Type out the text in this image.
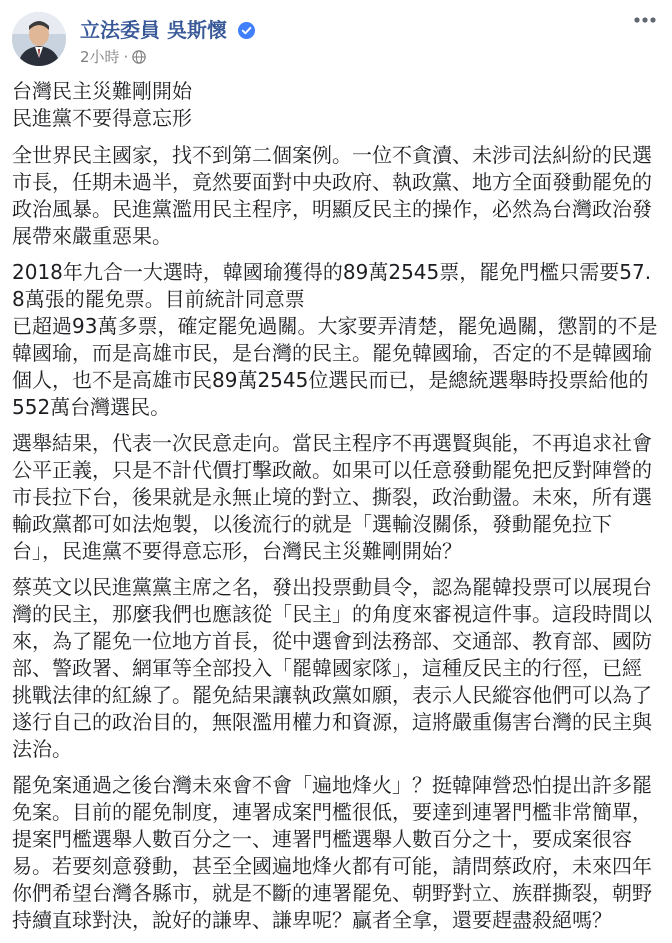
立法委員 吳斯懷
2小時 ·

台灣民主災難剛開始

民進黨不要得意忘形

全世界民主國家，找不到第二個案例。一位不貪瀆、未涉司法糾紛的民選市長，任期未過半，竟然要面對中央政府、執政黨、地方全面發動罷免的政治風暴。民進黨濫用民主程序，明顯反民主的操作，必然為台灣政治發展帶來嚴重惡果。

2018年九合一大選時，韓國瑜獲得的89萬2545票，罷免門檻只需要57.8萬張的罷免票。目前統計同意票
已超過93萬多票，確定罷免過關。大家要弄清楚，罷免過關，懲罰的不是韓國瑜，而是高雄市民，是台灣的民主。罷免韓國瑜，否定的不是韓國瑜個人，也不是高雄市民89萬2545位選民而已，是總統選舉時投票給他的552萬台灣選民。

選舉結果，代表一次民意走向。當民主程序不再選賢與能，不再追求社會公平正義，只是不計代價打擊政敵。如果可以任意發動罷免把反對陣營的市長拉下台，後果就是永無止境的對立、撕裂，政治動盪。未來，所有選輸政黨都可如法炮製，以後流行的就是「選輸沒關係，發動罷免拉下台」，民進黨不要得意忘形，台灣民主災難剛開始？

蔡英文以民進黨黨主席之名，發出投票動員令，認為罷韓投票可以展現台灣的民主，那麼我們也應該從「民主」的角度來審視這件事。這段時間以來，為了罷免一位地方首長，從中選會到法務部、交通部、教育部、國防部、警政署、網軍等全部投入「罷韓國家隊」，這種反民主的行徑，已經挑戰法律的紅線了。罷免結果讓執政黨如願，表示人民縱容他們可以為了遂行自己的政治目的，無限濫用權力和資源，這將嚴重傷害台灣的民主與法治。

罷免案通過之後台灣未來會不會「遍地烽火」？挺韓陣營恐怕提出許多罷免案。目前的罷免制度，連署成案門檻很低，要達到連署門檻非常簡單，提案門檻選舉人數百分之一、連署門檻選舉人數百分之十，要成案很容易。若要刻意發動，甚至全國遍地烽火都有可能，請問蔡政府，未來四年你們希望台灣各縣市，就是不斷的連署罷免、朝野對立、族群撕裂，朝野持續直球對決，說好的謙卑、謙卑呢？贏者全拿，還要趕盡殺絕嗎？
